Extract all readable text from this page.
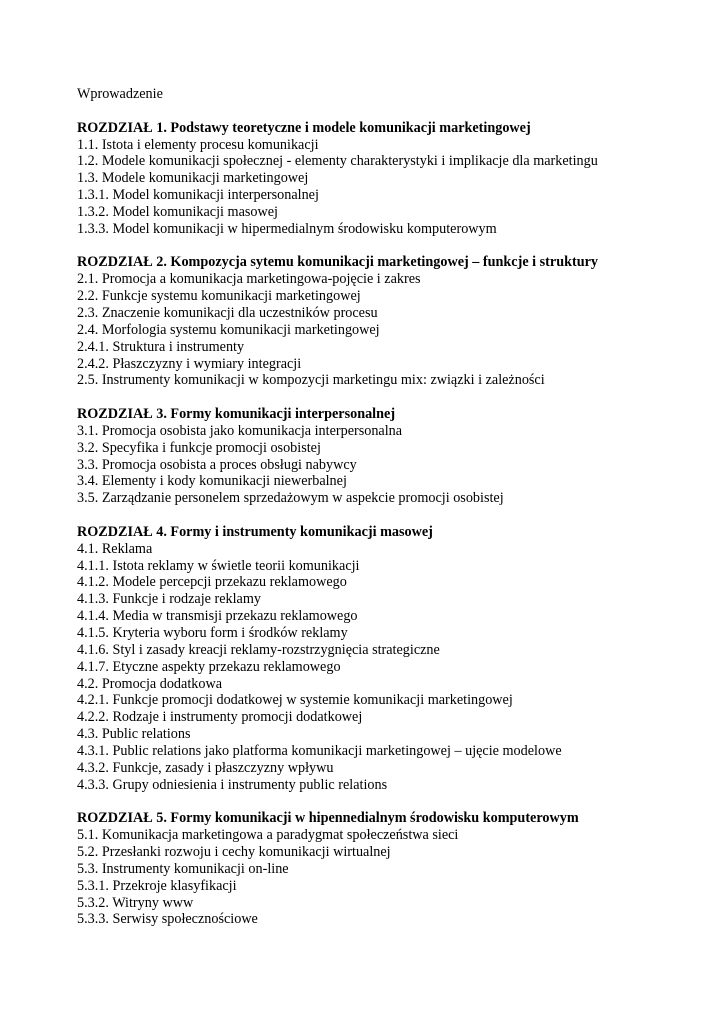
Wprowadzenie
ROZDZIAŁ 1. Podstawy teoretyczne i modele komunikacji marketingowej
1.1. Istota i elementy procesu komunikacji
1.2. Modele komunikacji społecznej - elementy charakterystyki i implikacje dla marketingu
1.3. Modele komunikacji marketingowej
1.3.1. Model komunikacji interpersonalnej
1.3.2. Model komunikacji masowej
1.3.3. Model komunikacji w hipermedialnym środowisku komputerowym
ROZDZIAŁ 2. Kompozycja sytemu komunikacji marketingowej – funkcje i struktury
2.1. Promocja a komunikacja marketingowa-pojęcie i zakres
2.2. Funkcje systemu komunikacji marketingowej
2.3. Znaczenie komunikacji dla uczestników procesu
2.4. Morfologia systemu komunikacji marketingowej
2.4.1. Struktura i instrumenty
2.4.2. Płaszczyzny i wymiary integracji
2.5. Instrumenty komunikacji w kompozycji marketingu mix: związki i zależności
ROZDZIAŁ 3. Formy komunikacji interpersonalnej
3.1. Promocja osobista jako komunikacja interpersonalna
3.2. Specyfika i funkcje promocji osobistej
3.3. Promocja osobista a proces obsługi nabywcy
3.4. Elementy i kody komunikacji niewerbalnej
3.5. Zarządzanie personelem sprzedażowym w aspekcie promocji osobistej
ROZDZIAŁ 4. Formy i instrumenty komunikacji masowej
4.1. Reklama
4.1.1. Istota reklamy w świetle teorii komunikacji
4.1.2. Modele percepcji przekazu reklamowego
4.1.3. Funkcje i rodzaje reklamy
4.1.4. Media w transmisji przekazu reklamowego
4.1.5. Kryteria wyboru form i środków reklamy
4.1.6. Styl i zasady kreacji reklamy-rozstrzygnięcia strategiczne
4.1.7. Etyczne aspekty przekazu reklamowego
4.2. Promocja dodatkowa
4.2.1. Funkcje promocji dodatkowej w systemie komunikacji marketingowej
4.2.2. Rodzaje i instrumenty promocji dodatkowej
4.3. Public relations
4.3.1. Public relations jako platforma komunikacji marketingowej – ujęcie modelowe
4.3.2. Funkcje, zasady i płaszczyzny wpływu
4.3.3. Grupy odniesienia i instrumenty public relations
ROZDZIAŁ 5. Formy komunikacji w hipennedialnym środowisku komputerowym
5.1. Komunikacja marketingowa a paradygmat społeczeństwa sieci
5.2. Przesłanki rozwoju i cechy komunikacji wirtualnej
5.3. Instrumenty komunikacji on-line
5.3.1. Przekroje klasyfikacji
5.3.2. Witryny www
5.3.3. Serwisy społecznościowe
